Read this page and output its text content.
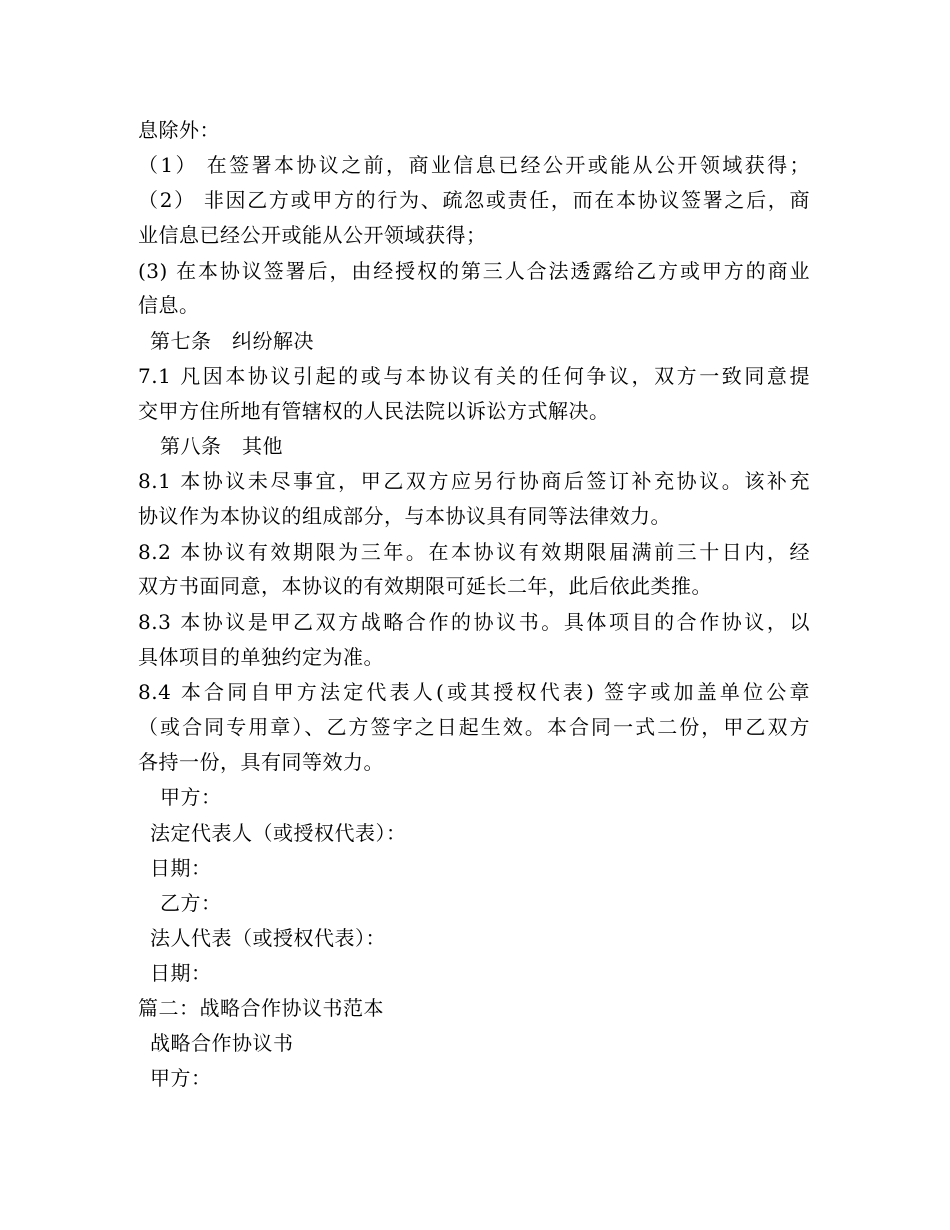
息除外：
（1） 在签署本协议之前，商业信息已经公开或能从公开领域获得；
（2） 非因乙方或甲方的行为、疏忽或责任，而在本协议签署之后，商
业信息已经公开或能从公开领域获得；
(3) 在本协议签署后，由经授权的第三人合法透露给乙方或甲方的商业
信息。
第七条　纠纷解决
7.1 凡因本协议引起的或与本协议有关的任何争议，双方一致同意提
交甲方住所地有管辖权的人民法院以诉讼方式解决。
第八条　其他
8.1 本协议未尽事宜，甲乙双方应另行协商后签订补充协议。该补充
协议作为本协议的组成部分，与本协议具有同等法律效力。
8.2 本协议有效期限为三年。在本协议有效期限届满前三十日内，经
双方书面同意，本协议的有效期限可延长二年，此后依此类推。
8.3 本协议是甲乙双方战略合作的协议书。具体项目的合作协议，以
具体项目的单独约定为准。
8.4 本合同自甲方法定代表人(或其授权代表) 签字或加盖单位公章
（或合同专用章）、乙方签字之日起生效。本合同一式二份，甲乙双方
各持一份，具有同等效力。
甲方：
法定代表人（或授权代表）：
日期：
乙方：
法人代表（或授权代表）：
日期：
篇二：战略合作协议书范本
战略合作协议书
甲方：
